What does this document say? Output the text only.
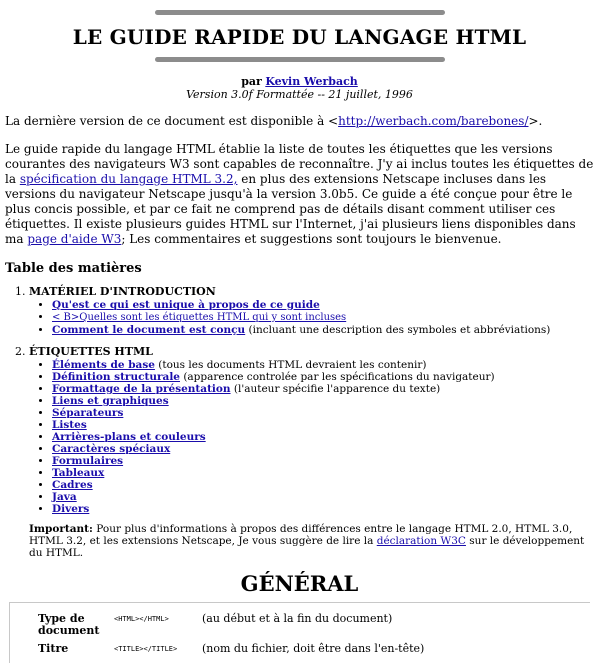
LE GUIDE RAPIDE DU LANGAGE HTML
par Kevin Werbach
Version 3.0f Formattée -- 21 juillet, 1996

La dernière version de ce document est disponible à <http://werbach.com/barebones/>.

Le guide rapide du langage HTML établie la liste de toutes les étiquettes que les versions courantes des navigateurs W3 sont capables de reconnaître. J'y ai inclus toutes les étiquettes de la spécification du langage HTML 3.2, en plus des extensions Netscape incluses dans les versions du navigateur Netscape jusqu'à la version 3.0b5. Ce guide a été conçue pour être le plus concis possible, et par ce fait ne comprend pas de détails disant comment utiliser ces étiquettes. Il existe plusieurs guides HTML sur l'Internet, j'ai plusieurs liens disponibles dans ma page d'aide W3; Les commentaires et suggestions sont toujours le bienvenue.

Table des matières
1. MATÉRIEL D'INTRODUCTION
• Qu'est ce qui est unique à propos de ce guide
• < B>Quelles sont les étiquettes HTML qui y sont incluses
• Comment le document est conçu (incluant une description des symboles et abbréviations)
2. ÉTIQUETTES HTML
• Éléments de base (tous les documents HTML devraient les contenir)
• Définition structurale (apparence controlée par les spécifications du navigateur)
• Formattage de la présentation (l'auteur spécifie l'apparence du texte)
• Liens et graphiques
• Séparateurs
• Listes
• Arrières-plans et couleurs
• Caractères spéciaux
• Formulaires
• Tableaux
• Cadres
• Java
• Divers

Important: Pour plus d'informations à propos des différences entre le langage HTML 2.0, HTML 3.0, HTML 3.2, et les extensions Netscape, Je vous suggère de lire la déclaration W3C sur le développement du HTML.

GÉNÉRAL
Type de document
<HTML></HTML>	(au début et à la fin du document)
Titre	<TITLE></TITLE> (nom du fichier, doit être dans l'en-tête)
